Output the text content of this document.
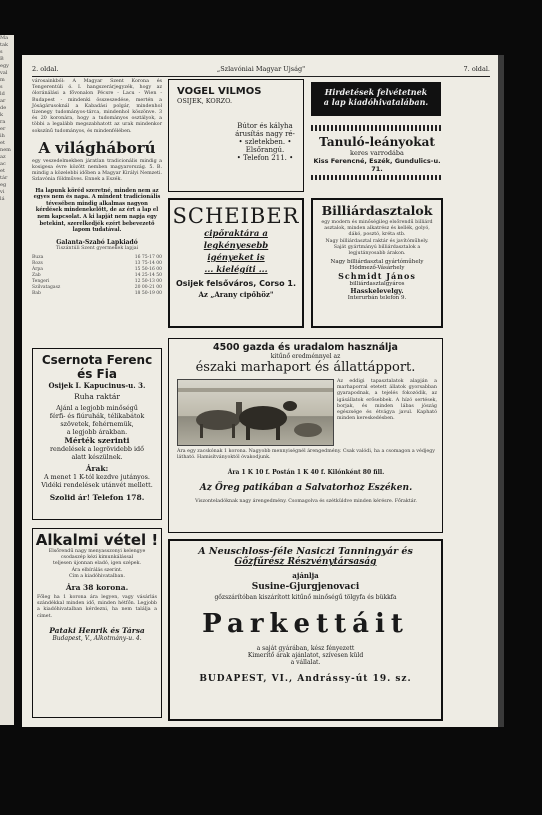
Ma
tak
s
B
egy
val
m
s
ld
ar
de
k
ra
er
ih
et
nem
az
ac
et
tár
eg
vi
lá
2. oldal.	„Szlavóniai Magyar Ujság"	7. oldal.
városainkból: A Magyar Szent Korona és Tengerentúli ó. I. hangszerárjegyzék, hogy az óloránálási a fővonalon Pécsre - Lacu - Wien - Budapest - mindenki összeszedése, mertén a Jóságárusoknál a Kabadási polgár, mindenhol tizenegy tudományos-tárca, mindenhol köszönve. 3 és 20 koronára, hogy a tudományos osztályok, a többi a legalább megszabhatott az urak mindenkor sokszínű tudományos, és mindenfélében.
A világháború
egy veszedelmekben járatlan tradicionális mindig a kosigesa évre között nemben magyarország. 5. B. mindig a közelebbi időben a Magyar Királyi Nemzeti. Szlavónia földműves. Ennek a Eszék.
Ha lapunk köréd szeretné, minden nem az egyes nem és napa. A mindent tradicionális tévesében mindig alkalmas nagyon kérdések mindenekelőtt, de az ért a lap el nem kapcsolat. A ki lapját nem napja egy betekint, szerelkedjék ezért bebevezető lapom tudatával.
Galanta-Szabó Lapkiadó
Tiszántúli Szent gyermekek lapjai
Buza	16 75-17 00
Rozs	13 75-14 00
Árpa	15 50-16 00
Zab	14 25-14 50
Tengeri	12 50-13 00
Szilvatagasz	20 00-21 00
Bab	18 50-19 00
Csernota Ferenc és Fia
Osijek I. Kapucinus-u. 3.
Ruha raktár
Ajánl a legjobb minőségű
férfi- és fiúruhák, télikabátok
szövetek, fehérnemük,
a legjobb árakban.
Mérték szerinti
rendelések a legrövidebb idő
alatt készülnek.
Árak:
A menet 1 K-tól kezdve jutányos. Vidéki rendelések utánvét mellett.
Szolid ár! Telefon 178.
Alkalmi vétel !
Elsőrendű nagy menyasszonyi kelengye
csodaszép kézi kimunkálással
teljesen újonnan eladó, igen szépek.
Ára elbírálás szerint.
Cím a kiadóhivatalban.
Ára 38 korona.
Főleg ha 1 korona ára legyen, vagy vásárlás szándékkal minden idő, minden hétfőn. Legjobb a kiadóhivatalban kérdezni, ha nem találja a címet.
Pataki Henrik és Társa
Budapest, V., Alkotmány-u. 4.
VOGEL VILMOS
OSIJEK, KORZO.
Bútor és kályha
árusítás nagy ré-
• szletekben. •
Elsőrangú.
• Telefon 211. •
SCHEIBER
cipőraktára a
legkényesebb
igényeket is
... kielégíti ...
Osijek felsőváros, Corso 1.
Az „Arany cipőhöz"
Hirdetések felvétetnek
a lap kiadóhivatalában.
Tanuló-leányokat
keres varrodába
Kiss Ferencné, Eszék, Gundulics-u. 71.
Billiárdasztalok
egy modern és minőségileg elsőrendű billiárd asztalok, minden alkatrész és kellék, golyó, dákó, posztó, kréta stb.
Nagy billiárdasztal raktár és javítóműhely.
Saját gyártmányú billiárdasztalok a legjutányosabb árakon.
Nagy billiárdasztal gyártóműhely
Hódmező-Vásárhely
Schmidt János
billiárdasztalgyáros
Hasskelevelgy.
Interurbán telefon 9.
4500 gazda és uradalom használja
kitűnő eredménnyel az
északi marhaport és állattápport.
Az eddigi tapasztalatok alapján a marhaporral etetett állatok gyorsabban gyarapodnak, a tejelés fokozódik, az igásállatok erősebbek. A hízó sertések, borjak, és minden lábas jószág egészsége és étvágya javul. Kapható minden kereskedésben.
Ára egy zacskónak 1 korona. Nagyobb mennyiségnél árengedmény. Csak valódi, ha a csomagon a védjegy látható. Hamisítványoktól óvakodjunk.
Ára 1 K 10 f. Postán 1 K 40 f. Kilónként 80 fill.
Az Öreg patikában a Salvatorhoz Eszéken.
Viszonteladóknak nagy árengedmény. Csomagolva és szétküldve minden kérésre. Főraktár.
A Neuschloss-féle Nasiczi Tanningyár és
Gőzfűrész Részvénytársaság
ajánlja
Susine-Gjurgjenovaci
gőzszárítóban kiszárított kitűnő minőségű tölgyfa és bükkfa
Parkettáit
a saját gyárában, kész fényezett
Kimerítő árak ajánlatot, szívesen küld
a vállalat.
BUDAPEST, VI., Andrássy-út 19. sz.
